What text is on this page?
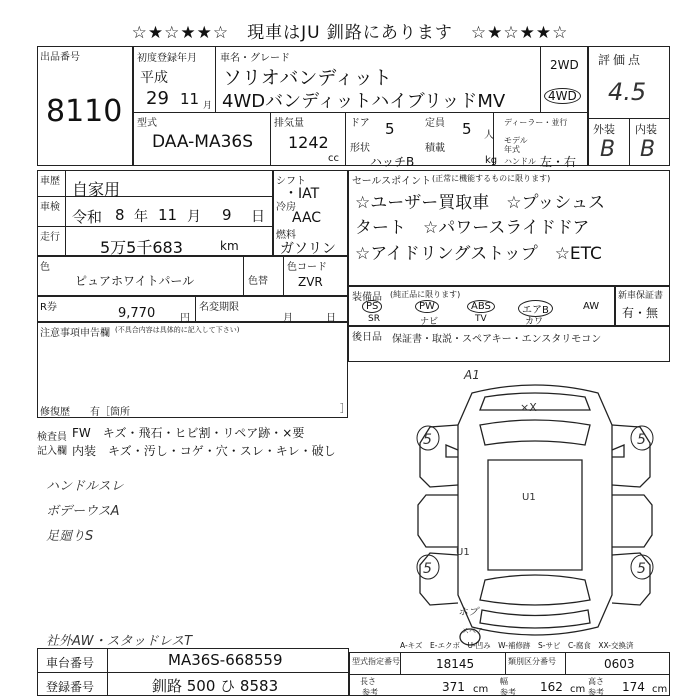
☆★☆★★☆　現車はJU 釧路にあります　☆★☆★★☆
出品番号
8110
初度登録年月
平成
29 11 月
車名・グレード
ソリオバンディット
4WDバンディットハイブリッドMV
2WD
4WD
型式
DAA-MA36S
排気量
1242
cc
ドア 5	定員 5 人
ディーラー・並行
形状
ハッチB
積載
kg
モデル年式
ハンドル 左・右
評価点
4.5
外装 内装
B B
車歴 自家用
車検
令和 8 年 11 月 9 日
走行
5万5千683	km
シフト
・IAT
冷房
AAC
燃料
ガソリン
セールスポイント (正常に機能するものに限ります)
☆ユーザー買取車　☆プッシュス
タート　☆パワースライドドア
☆アイドリングストップ　☆ETC
色
ピュアホワイトパール	色替
色コード
ZVR
装備品 (純正品に限ります)
PS	PW	ABS	エアB	AW
SR	ナビ	TV	カワ
新車保証書
有・無
R券	9,770 円
名変期限
月	日
注意事項申告欄 (不具合内容は具体的に記入して下さい)
修復歴 有［箇所	］
後日品 保証書・取説・スペアキー・エンスタリモコン
検査員
記入欄
FW　キズ・飛石・ヒビ割・リペア跡・×要
内装　キズ・汚し・コゲ・穴・スレ・キレ・破し
ハンドルスレ
ボデーウスA
足廻りS
社外AW・スタッドレスT
A1
×X
U1
U1
5	5
5	5
ホプ
スペア
A-キズ　E-エクボ　U-凹み　W-補修跡　S-サビ　C-腐食　XX-交換済
車台番号	MA36S-668559
登録番号	釧路 500 ひ 8583
型式指定番号	18145	類別区分番号	0603
長さ
参考	371 cm
幅
参考 162 cm
高さ
参考 174 cm
